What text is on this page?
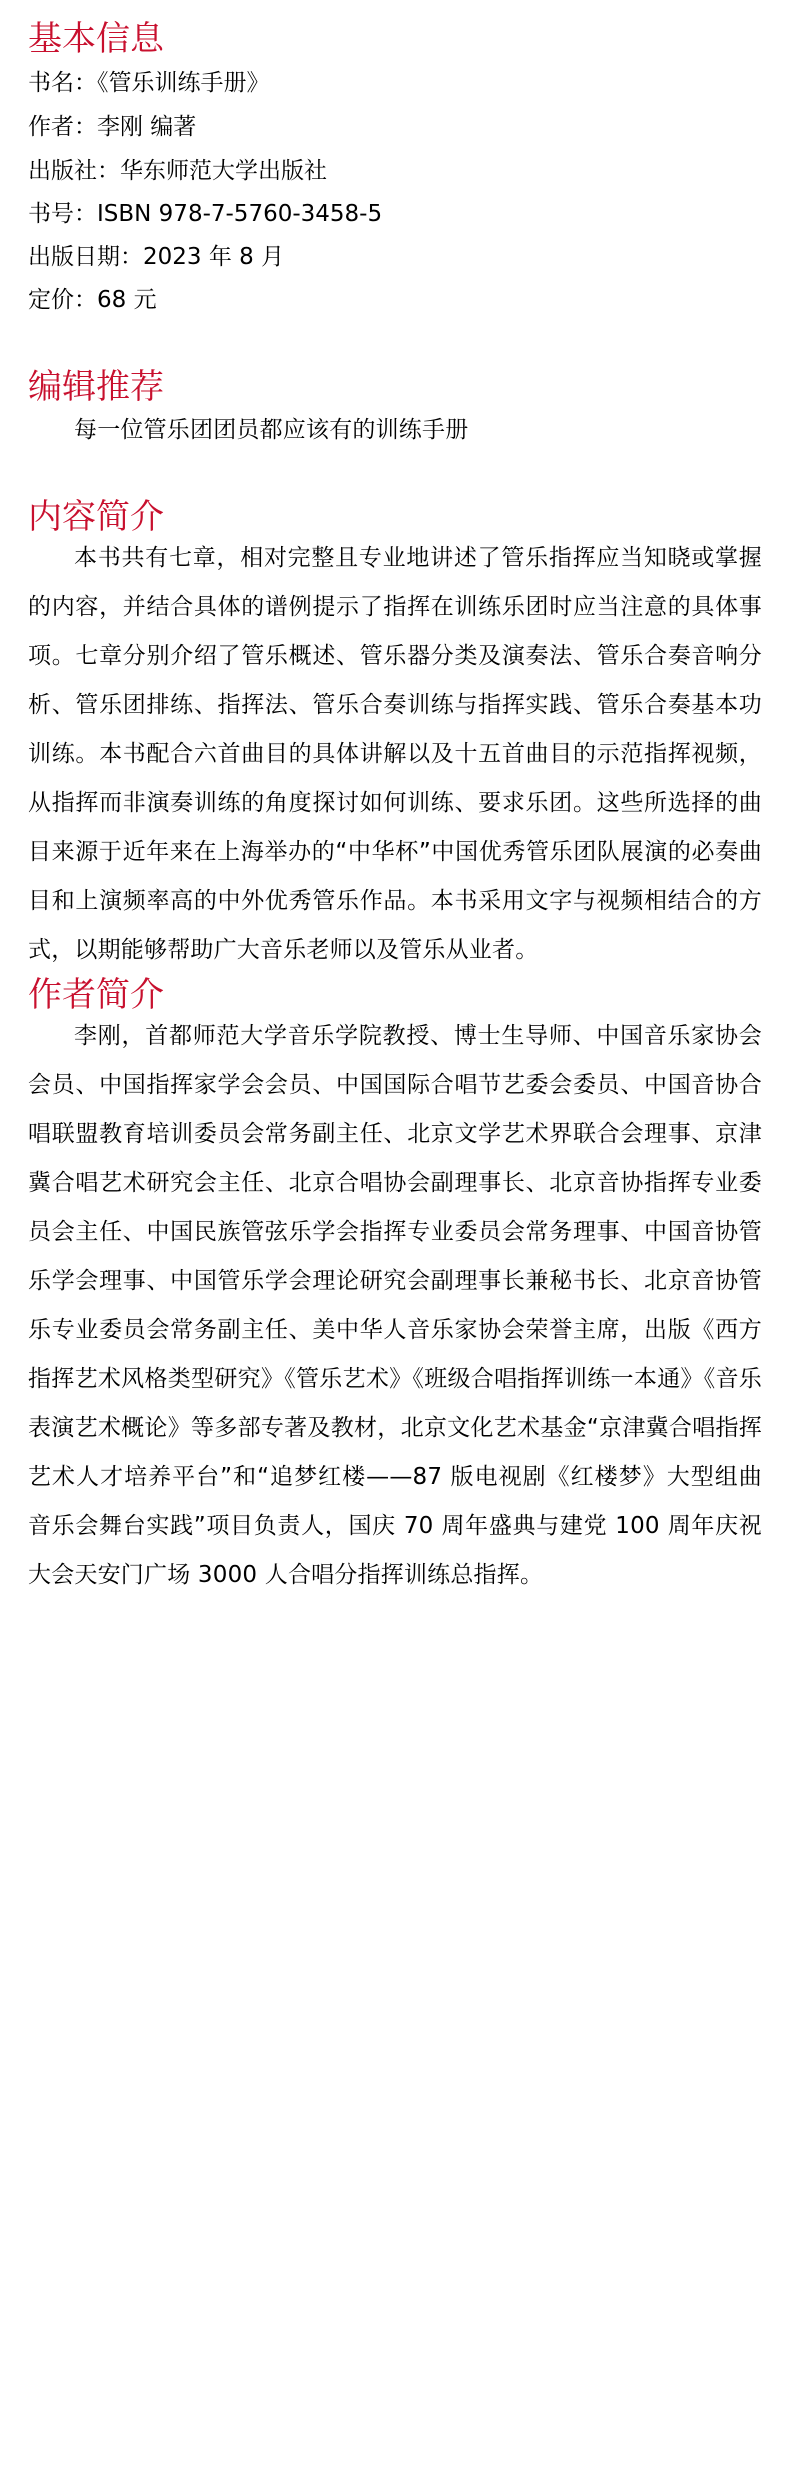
基本信息

书名：《管乐训练手册》

作者：李刚 编著

出版社：华东师范大学出版社

书号：ISBN 978-7-5760-3458-5

出版日期：2023 年 8 月

定价：68 元

编辑推荐

每一位管乐团团员都应该有的训练手册

内容简介

本书共有七章，相对完整且专业地讲述了管乐指挥应当知晓或掌握的内容，并结合具体的谱例提示了指挥在训练乐团时应当注意的具体事项。七章分别介绍了管乐概述、管乐器分类及演奏法、管乐合奏音响分析、管乐团排练、指挥法、管乐合奏训练与指挥实践、管乐合奏基本功训练。本书配合六首曲目的具体讲解以及十五首曲目的示范指挥视频，从指挥而非演奏训练的角度探讨如何训练、要求乐团。这些所选择的曲目来源于近年来在上海举办的“中华杯”中国优秀管乐团队展演的必奏曲目和上演频率高的中外优秀管乐作品。本书采用文字与视频相结合的方式，以期能够帮助广大音乐老师以及管乐从业者。

作者简介

李刚，首都师范大学音乐学院教授、博士生导师、中国音乐家协会会员、中国指挥家学会会员、中国国际合唱节艺委会委员、中国音协合唱联盟教育培训委员会常务副主任、北京文学艺术界联合会理事、京津冀合唱艺术研究会主任、北京合唱协会副理事长、北京音协指挥专业委员会主任、中国民族管弦乐学会指挥专业委员会常务理事、中国音协管乐学会理事、中国管乐学会理论研究会副理事长兼秘书长、北京音协管乐专业委员会常务副主任、美中华人音乐家协会荣誉主席，出版《西方指挥艺术风格类型研究》《管乐艺术》《班级合唱指挥训练一本通》《音乐表演艺术概论》等多部专著及教材，北京文化艺术基金“京津冀合唱指挥艺术人才培养平台”和“追梦红楼——87 版电视剧《红楼梦》大型组曲音乐会舞台实践”项目负责人，国庆 70 周年盛典与建党 100 周年庆祝大会天安门广场 3000 人合唱分指挥训练总指挥。
